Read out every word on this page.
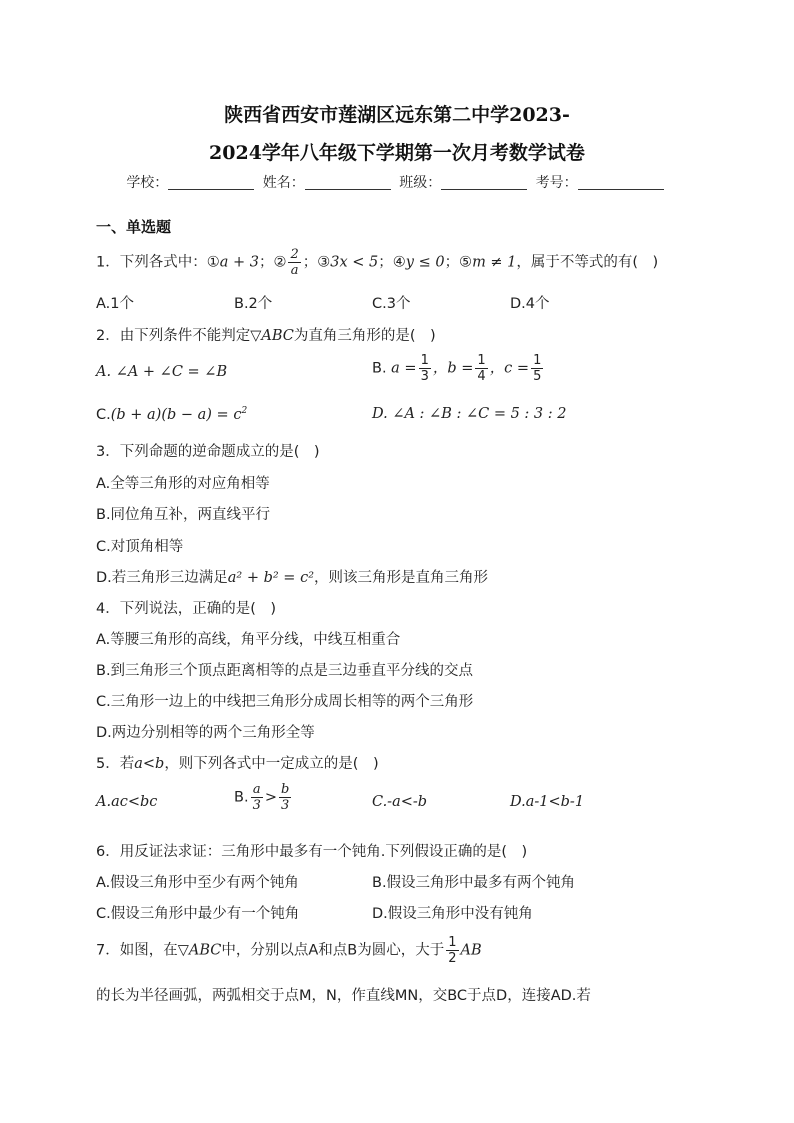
陕西省西安市莲湖区远东第二中学2023-
2024学年八年级下学期第一次月考数学试卷
学校：	姓名：	班级：	考号：
一、单选题
1．下列各式中：①a + 3；② $\frac{2}{a}$ ；③3x < 5；④y ≤ 0；⑤m ≠ 1，属于不等式的有(　)
A.1个	B.2个	C.3个	D.4个
2．由下列条件不能判定▽ABC为直角三角形的是(　)
A. ∠A + ∠C = ∠B	B. $a = \frac{1}{3}$ ，$b = \frac{1}{4}$ ，$c = \frac{1}{5}$
$C.(b + a)(b - a) = c^2$	D. ∠A : ∠B : ∠C = 5 : 3 : 2
3．下列命题的逆命题成立的是(　)
A.全等三角形的对应角相等
B.同位角互补，两直线平行
C.对顶角相等
D.若三角形三边满足a² + b² = c²，则该三角形是直角三角形
4．下列说法，正确的是(　)
A.等腰三角形的高线，角平分线，中线互相重合
B.到三角形三个顶点距离相等的点是三边垂直平分线的交点
C.三角形一边上的中线把三角形分成周长相等的两个三角形
D.两边分别相等的两个三角形全等
5．若a<b，则下列各式中一定成立的是(　)
A.ac<bc	B. $\frac{a}{3} > \frac{b}{3}$	C.-a<-b	D.a-1<b-1
6．用反证法求证：三角形中最多有一个钝角.下列假设正确的是(　)
A.假设三角形中至少有两个钝角	B.假设三角形中最多有两个钝角
C.假设三角形中最少有一个钝角	D.假设三角形中没有钝角
7．如图，在▽ABC中，分别以点A和点B为圆心，大于 $\frac{1}{2}$ AB
的长为半径画弧，两弧相交于点M，N，作直线MN，交BC于点D，连接AD.若
